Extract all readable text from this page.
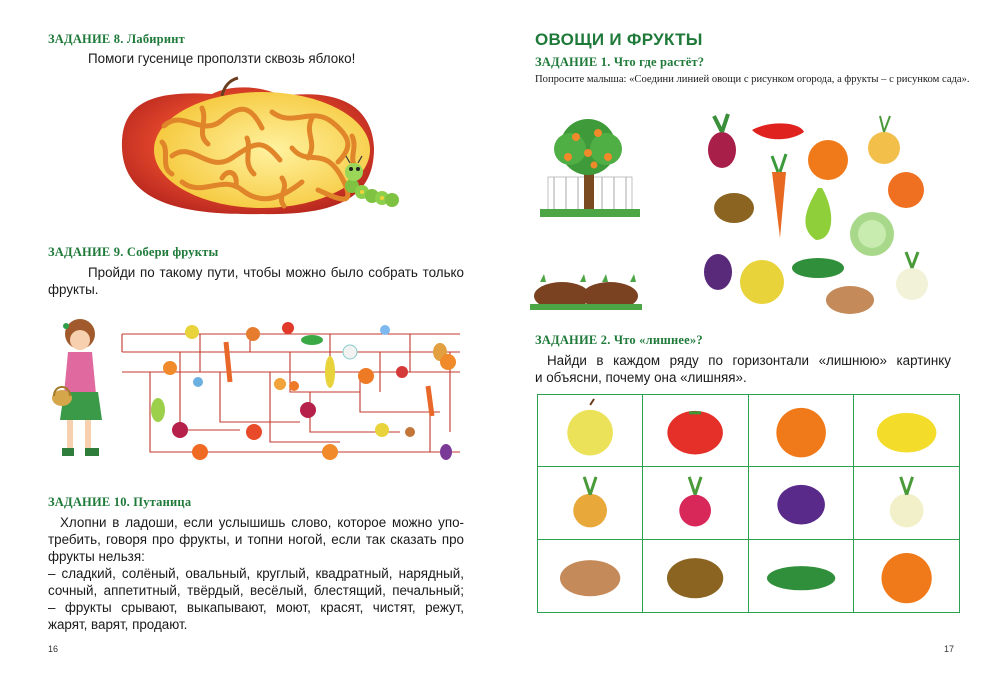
ЗАДАНИЕ 8. Лабиринт
Помоги гусенице проползти сквозь яблоко!
ЗАДАНИЕ 9. Собери фрукты
Пройди по такому пути, чтобы можно было собрать только
фрукты.
ЗАДАНИЕ 10. Путаница
Хлопни в ладоши, если услышишь слово, которое можно упо-
требить, говоря про фрукты, и топни ногой, если так сказать про
фрукты нельзя:
– сладкий, солёный, овальный, круглый, квадратный, нарядный,
сочный, аппетитный, твёрдый, весёлый, блестящий, печальный;
– фрукты срывают, выкапывают, моют, красят, чистят, режут,
жарят, варят, продают.
16
ОВОЩИ И ФРУКТЫ
ЗАДАНИЕ 1. Что где растёт?
Попросите малыша: «Соедини линией овощи с рисунком огорода, а фрукты – с рисунком сада».
ЗАДАНИЕ 2. Что «лишнее»?
Найди в каждом ряду по горизонтали «лишнюю» картинку
и объясни, почему она «лишняя».
17
